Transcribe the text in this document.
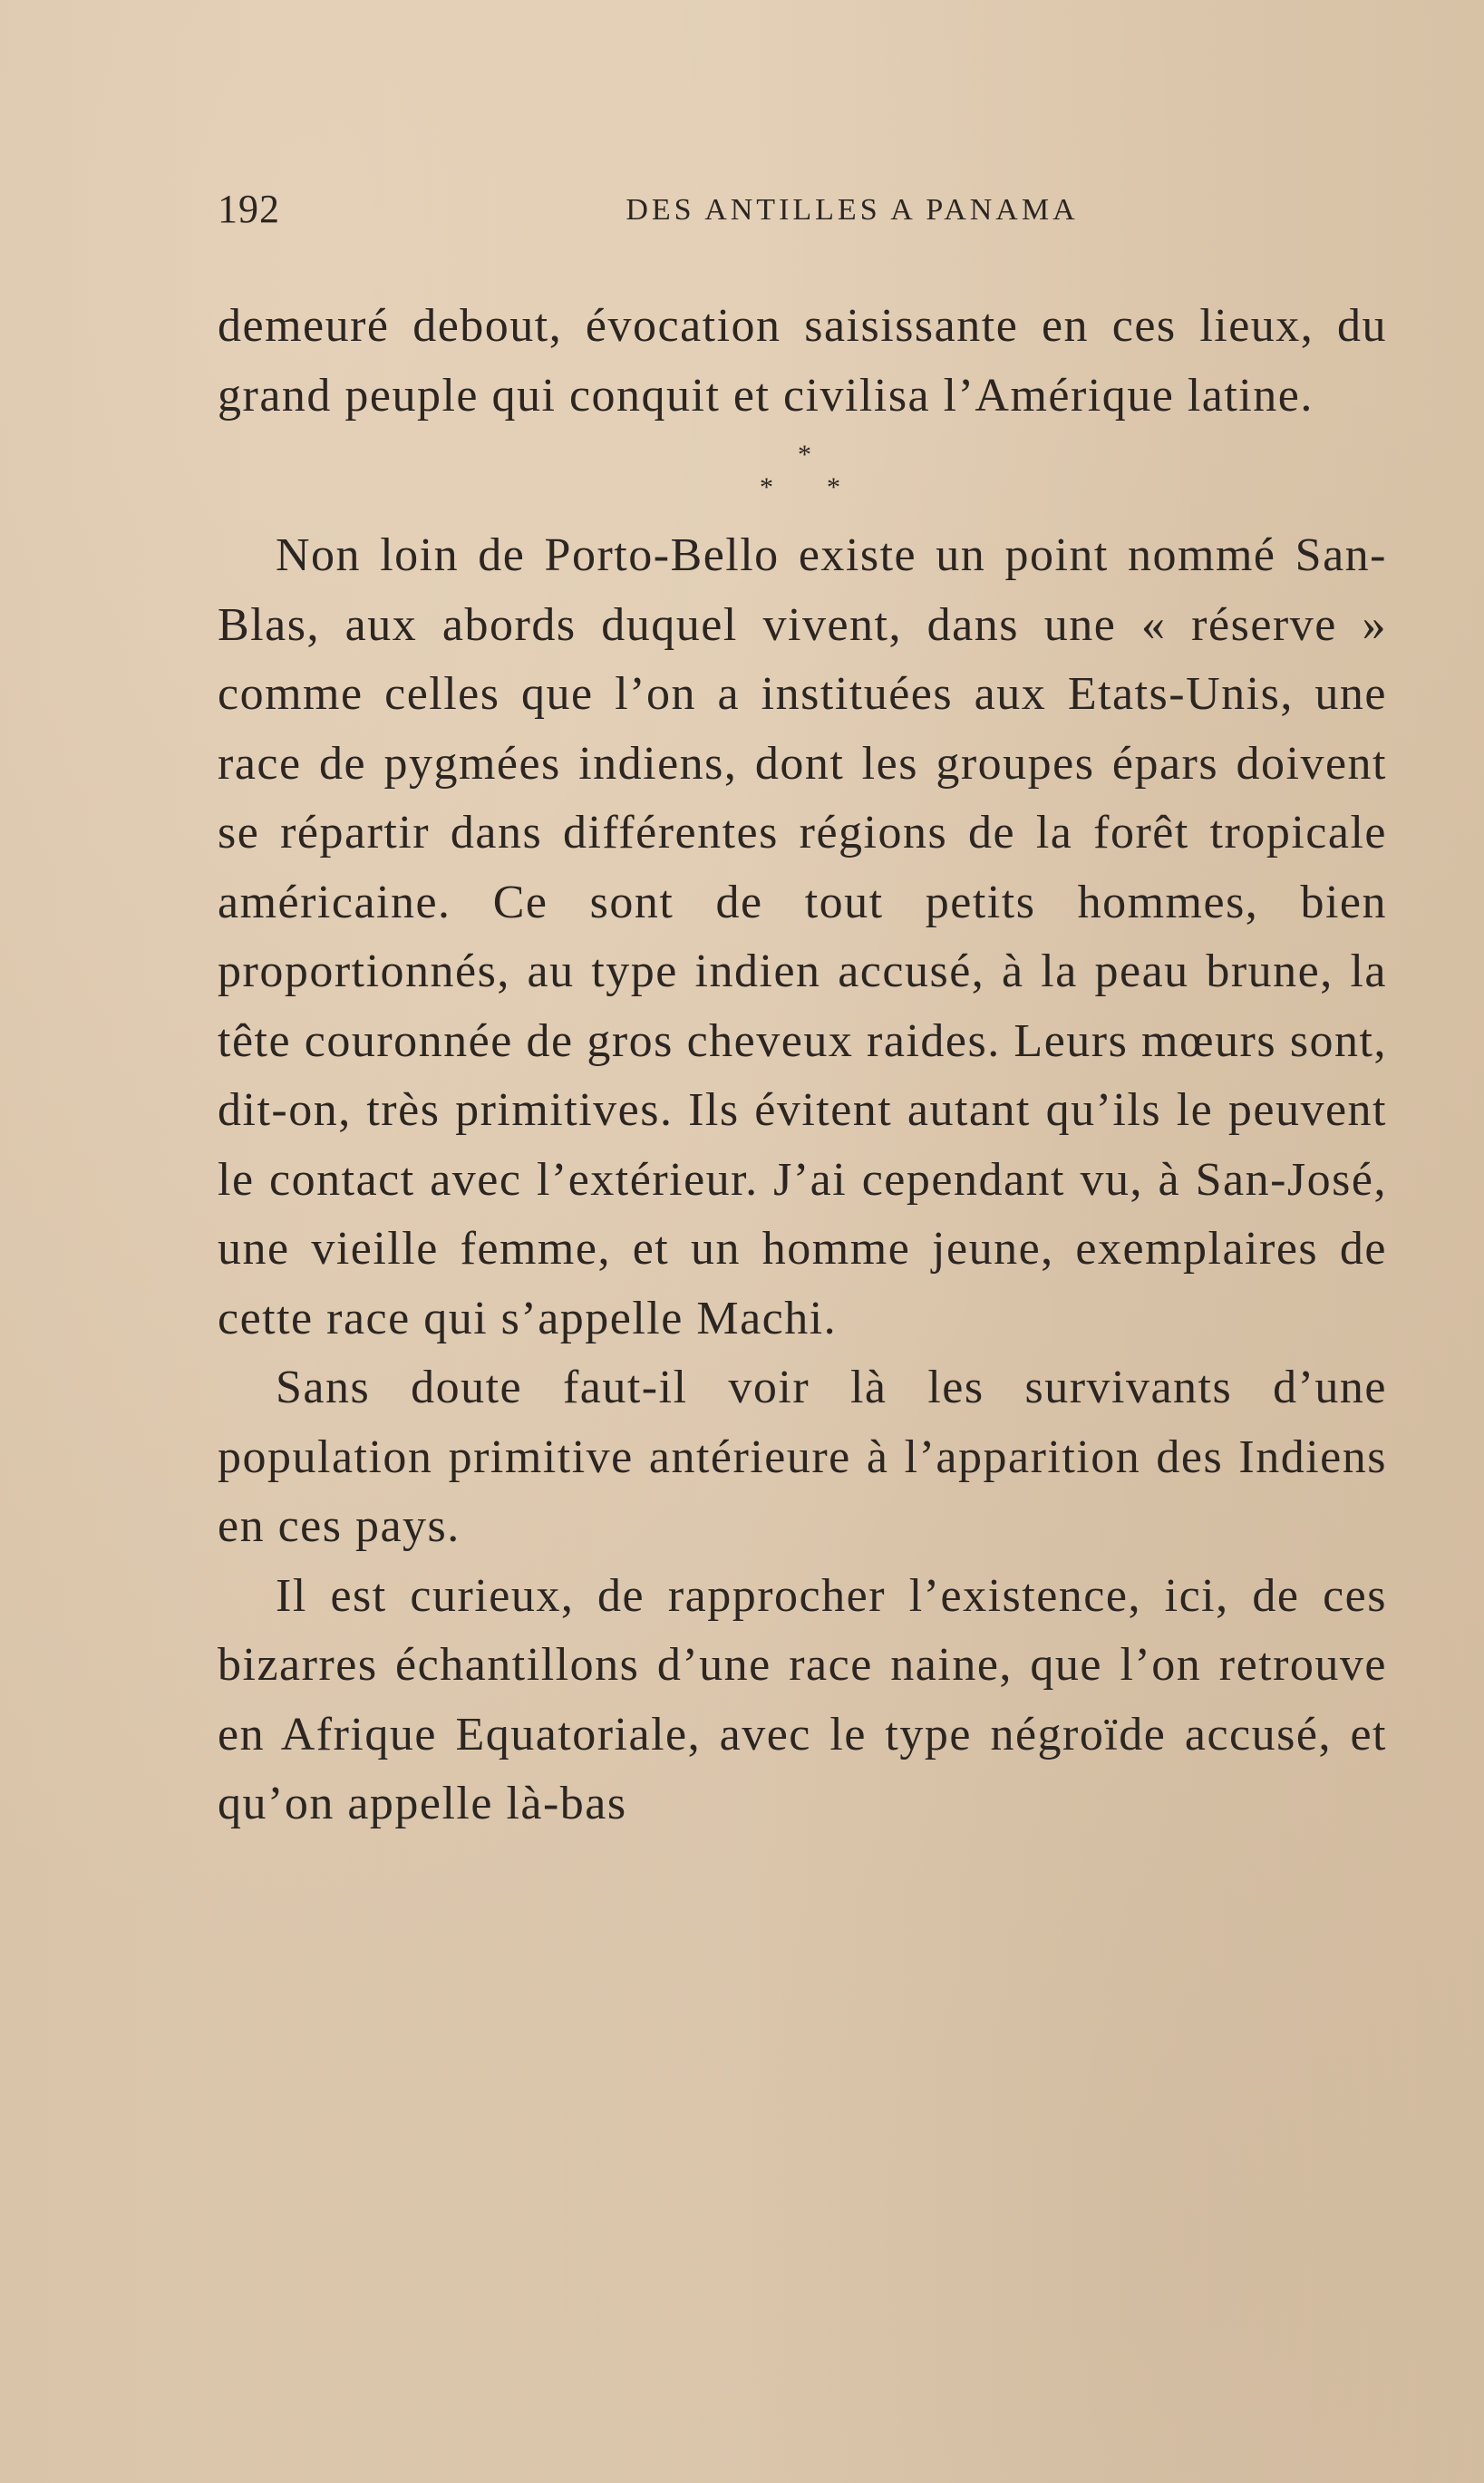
192	DES ANTILLES A PANAMA

demeuré debout, évocation saisissante en ces lieux, du grand peuple qui conquit et civilisa l’Amérique latine.

*
* *

Non loin de Porto-Bello existe un point nommé San-Blas, aux abords duquel vivent, dans une « réserve » comme celles que l’on a instituées aux Etats-Unis, une race de pygmées indiens, dont les groupes épars doivent se répartir dans différentes régions de la forêt tropicale américaine. Ce sont de tout petits hommes, bien proportionnés, au type indien accusé, à la peau brune, la tête couronnée de gros cheveux raides. Leurs mœurs sont, dit-on, très primitives. Ils évitent autant qu’ils le peuvent le contact avec l’extérieur. J’ai cependant vu, à San-José, une vieille femme, et un homme jeune, exemplaires de cette race qui s’appelle Machi.

Sans doute faut-il voir là les survivants d’une population primitive antérieure à l’apparition des Indiens en ces pays.

Il est curieux, de rapprocher l’existence, ici, de ces bizarres échantillons d’une race naine, que l’on retrouve en Afrique Equatoriale, avec le type négroïde accusé, et qu’on appelle là-bas
